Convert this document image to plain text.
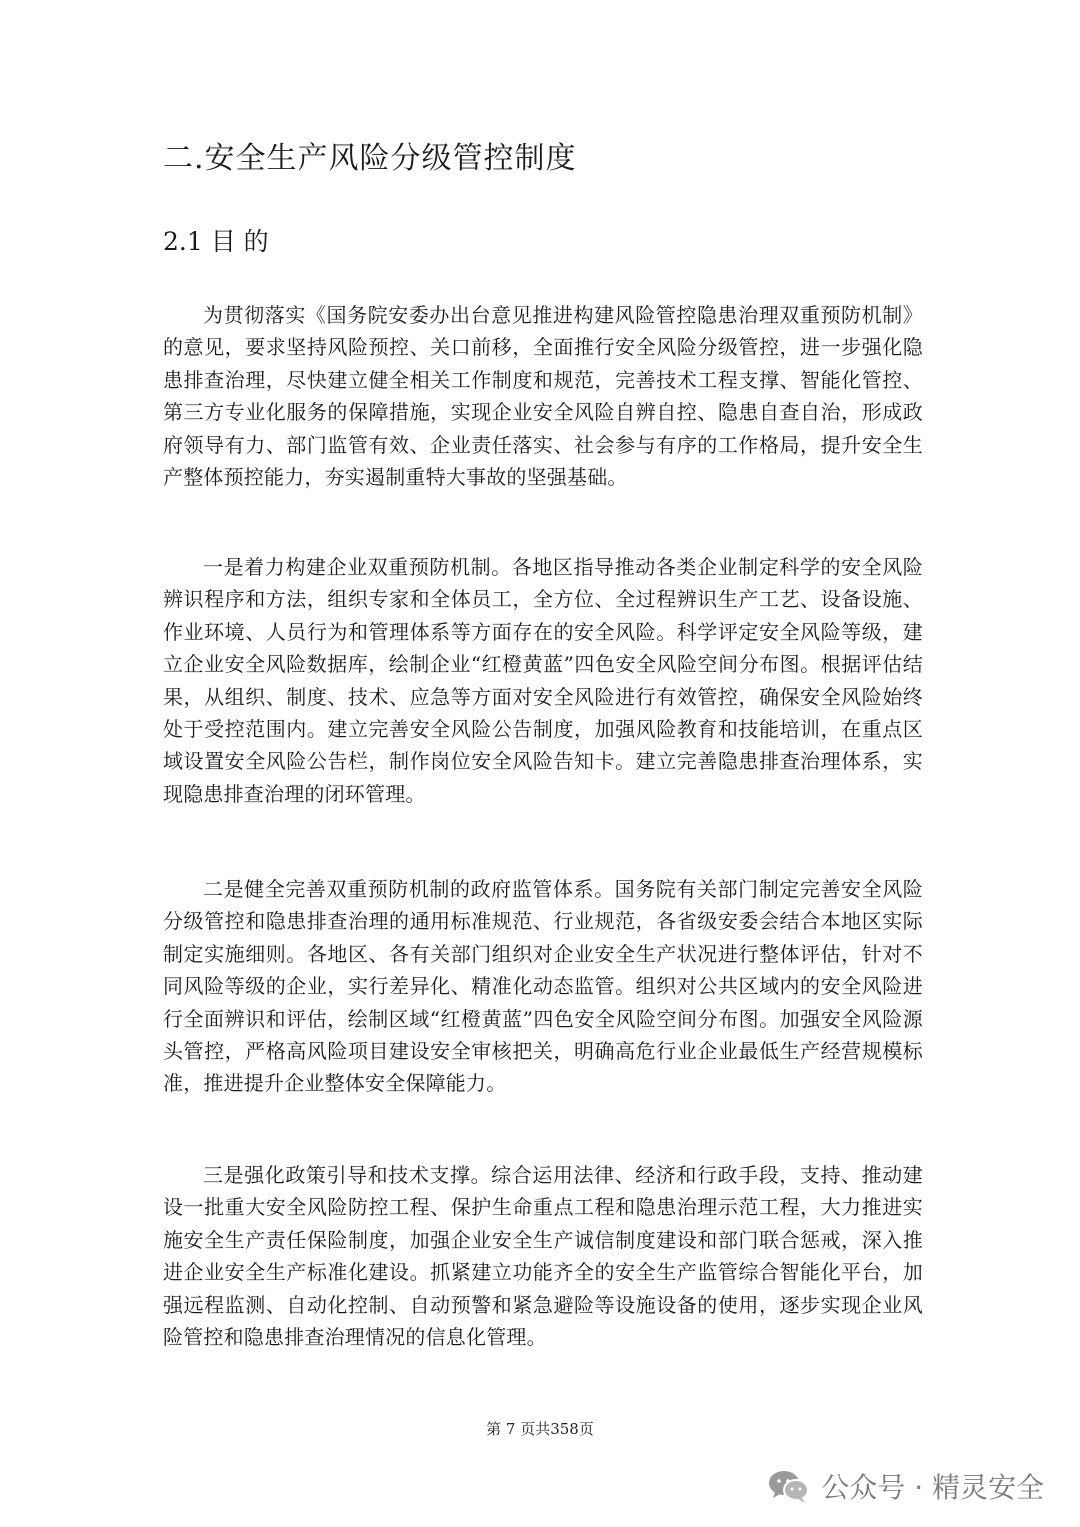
二.安全生产风险分级管控制度
2.1 目 的

为贯彻落实《国务院安委办出台意见推进构建风险管控隐患治理双重预防机制》的意见，要求坚持风险预控、关口前移，全面推行安全风险分级管控，进一步强化隐患排查治理，尽快建立健全相关工作制度和规范，完善技术工程支撑、智能化管控、第三方专业化服务的保障措施，实现企业安全风险自辨自控、隐患自查自治，形成政府领导有力、部门监管有效、企业责任落实、社会参与有序的工作格局，提升安全生产整体预控能力，夯实遏制重特大事故的坚强基础。

一是着力构建企业双重预防机制。各地区指导推动各类企业制定科学的安全风险辨识程序和方法，组织专家和全体员工，全方位、全过程辨识生产工艺、设备设施、作业环境、人员行为和管理体系等方面存在的安全风险。科学评定安全风险等级，建立企业安全风险数据库，绘制企业“红橙黄蓝”四色安全风险空间分布图。根据评估结果，从组织、制度、技术、应急等方面对安全风险进行有效管控，确保安全风险始终处于受控范围内。建立完善安全风险公告制度，加强风险教育和技能培训，在重点区域设置安全风险公告栏，制作岗位安全风险告知卡。建立完善隐患排查治理体系，实现隐患排查治理的闭环管理。

二是健全完善双重预防机制的政府监管体系。国务院有关部门制定完善安全风险分级管控和隐患排查治理的通用标准规范、行业规范，各省级安委会结合本地区实际制定实施细则。各地区、各有关部门组织对企业安全生产状况进行整体评估，针对不同风险等级的企业，实行差异化、精准化动态监管。组织对公共区域内的安全风险进行全面辨识和评估，绘制区域“红橙黄蓝”四色安全风险空间分布图。加强安全风险源头管控，严格高风险项目建设安全审核把关，明确高危行业企业最低生产经营规模标准，推进提升企业整体安全保障能力。

三是强化政策引导和技术支撑。综合运用法律、经济和行政手段，支持、推动建设一批重大安全风险防控工程、保护生命重点工程和隐患治理示范工程，大力推进实施安全生产责任保险制度，加强企业安全生产诚信制度建设和部门联合惩戒，深入推进企业安全生产标准化建设。抓紧建立功能齐全的安全生产监管综合智能化平台，加强远程监测、自动化控制、自动预警和紧急避险等设施设备的使用，逐步实现企业风险管控和隐患排查治理情况的信息化管理。

第 7 页共358页
公众号 · 精灵安全
